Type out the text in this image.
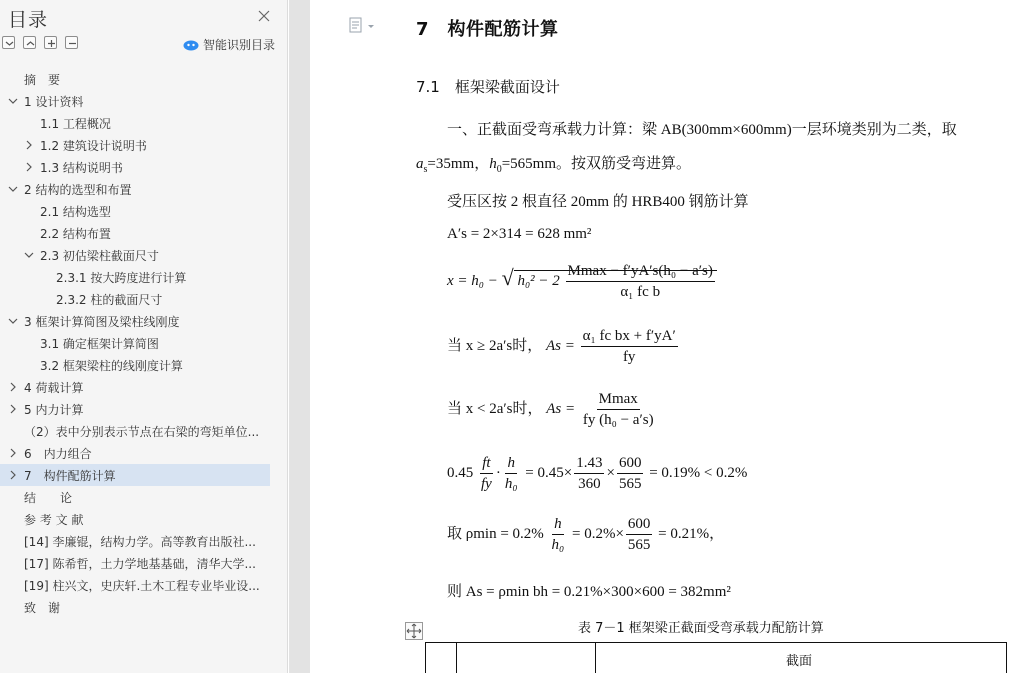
目录
智能识别目录
摘　要
1 设计资料
1.1 工程概况
1.2 建筑设计说明书
1.3 结构说明书
2 结构的选型和布置
2.1 结构选型
2.2 结构布置
2.3 初估梁柱截面尺寸
2.3.1 按大跨度进行计算
2.3.2 柱的截面尺寸
3 框架计算简图及梁柱线刚度
3.1 确定框架计算简图
3.2 框架梁柱的线刚度计算
4 荷载计算
5 内力计算
（2）表中分别表示节点在右梁的弯矩单位...
6　内力组合
7　构件配筋计算
结　　论
参 考 文 献
[14] 李廉锟，结构力学。高等教育出版社...
[17] 陈希哲，土力学地基基础，清华大学...
[19] 柱兴文，史庆轩.土木工程专业毕业设...
致　谢
7　构件配筋计算
7.1　框架梁截面设计
一、正截面受弯承载力计算：梁 AB(300mm×600mm)一层环境类别为二类，取
$a_s=35mm$，$h_0=565mm$。按双筋受弯进算。
受压区按 2 根直径 20mm 的 HRB400 钢筋计算
A′s = 2×314 = 628 mm²
x = h₀ − √ $h_0^2 - 2 \frac{\text{Mmax − f′yA′s(h₀ − a′s)}}{\text{α₁ fc b}}$
当 x ≥ 2a′s时， $As = \frac{\text{α₁ fc bx + f′yA′}}{fy}$
当 x < 2a′s时， $As = \frac{Mmax}{\text{fy (h₀ − a′s)}}$
$0.45 \frac{ft}{fy} \cdot \frac{h}{\text{h₀}} = 0.45\times \frac{1.43}{360} \times \frac{600}{565} = 0.19\% < 0.2\%$
取 $\rho\min = 0.2\% \frac{h}{\text{h₀}} = 0.2\%\times \frac{600}{565} = 0.21\%$，
则 As = ρmin bh = 0.21%×300×600 = 382mm²
表 7－1 框架梁正截面受弯承载力配筋计算
截面
